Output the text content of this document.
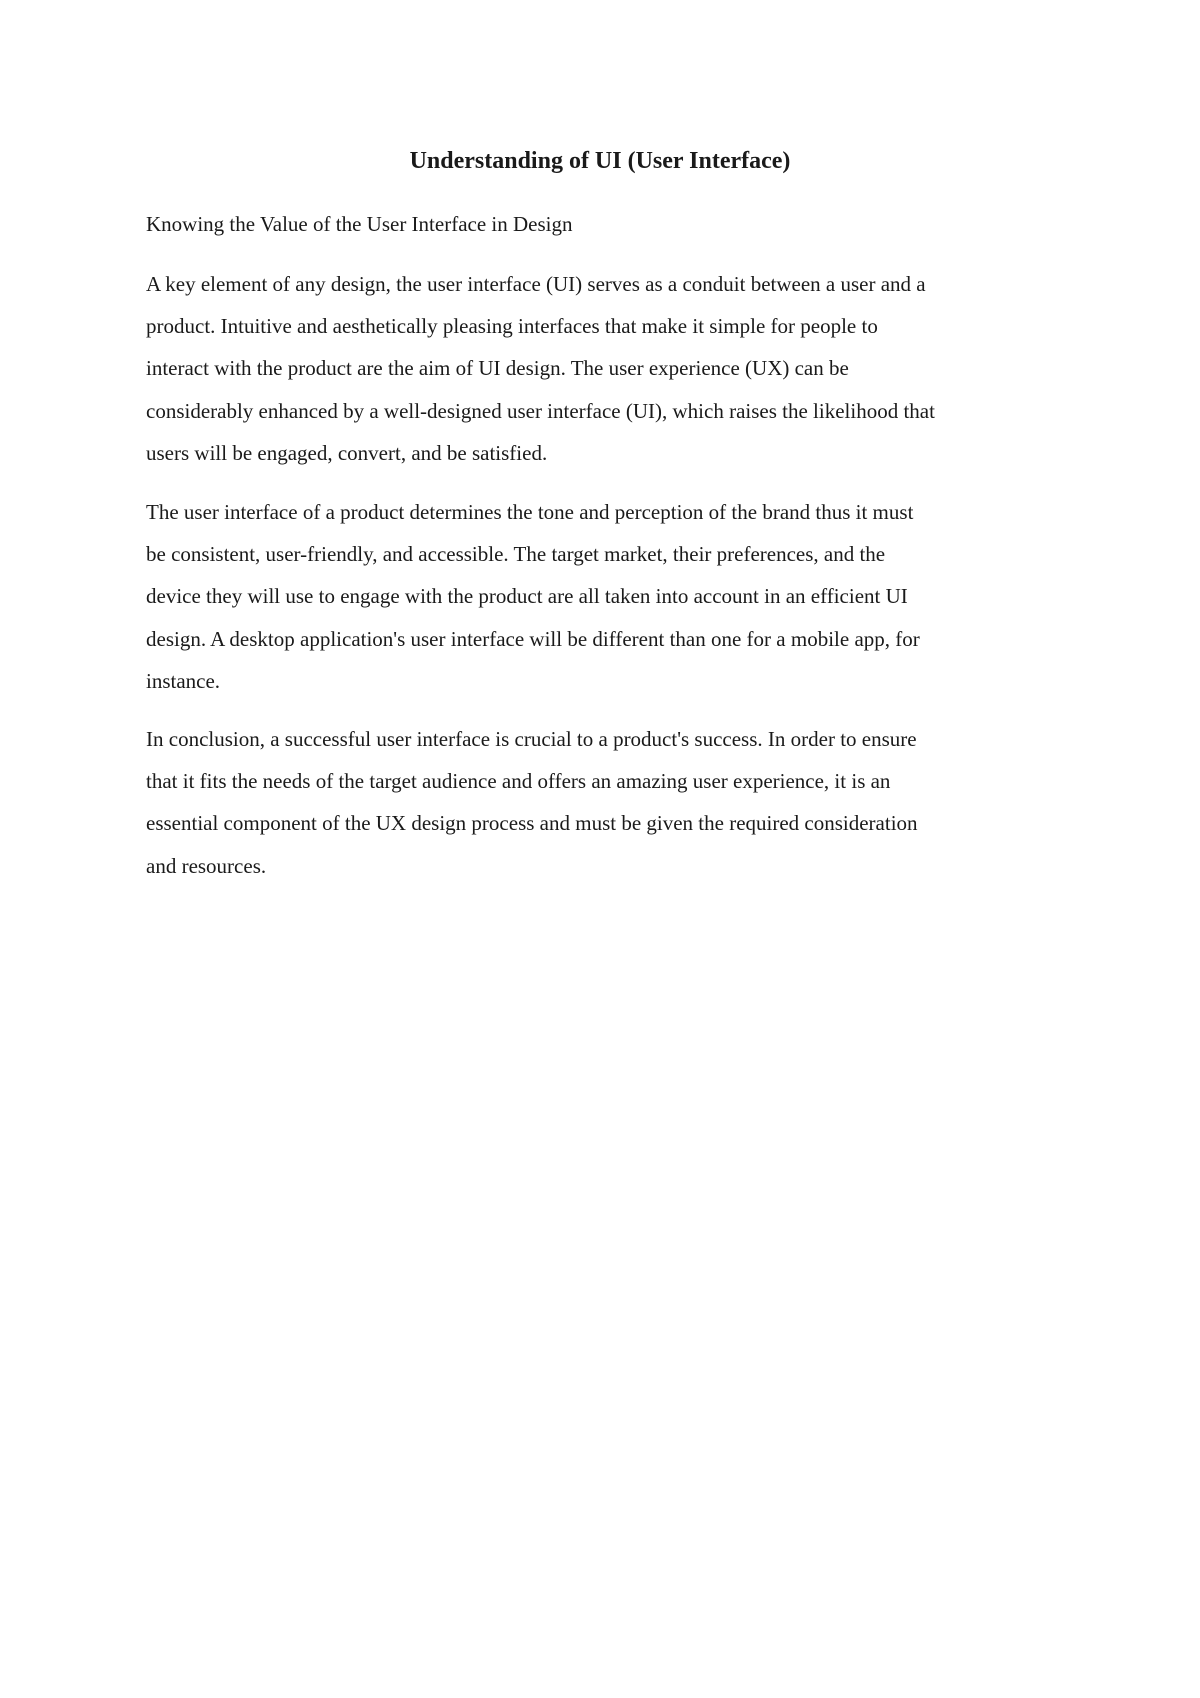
Understanding of UI (User Interface)

Knowing the Value of the User Interface in Design

A key element of any design, the user interface (UI) serves as a conduit between a user and a
product. Intuitive and aesthetically pleasing interfaces that make it simple for people to
interact with the product are the aim of UI design. The user experience (UX) can be
considerably enhanced by a well-designed user interface (UI), which raises the likelihood that
users will be engaged, convert, and be satisfied.

The user interface of a product determines the tone and perception of the brand thus it must
be consistent, user-friendly, and accessible. The target market, their preferences, and the
device they will use to engage with the product are all taken into account in an efficient UI
design. A desktop application's user interface will be different than one for a mobile app, for
instance.

In conclusion, a successful user interface is crucial to a product's success. In order to ensure
that it fits the needs of the target audience and offers an amazing user experience, it is an
essential component of the UX design process and must be given the required consideration
and resources.
